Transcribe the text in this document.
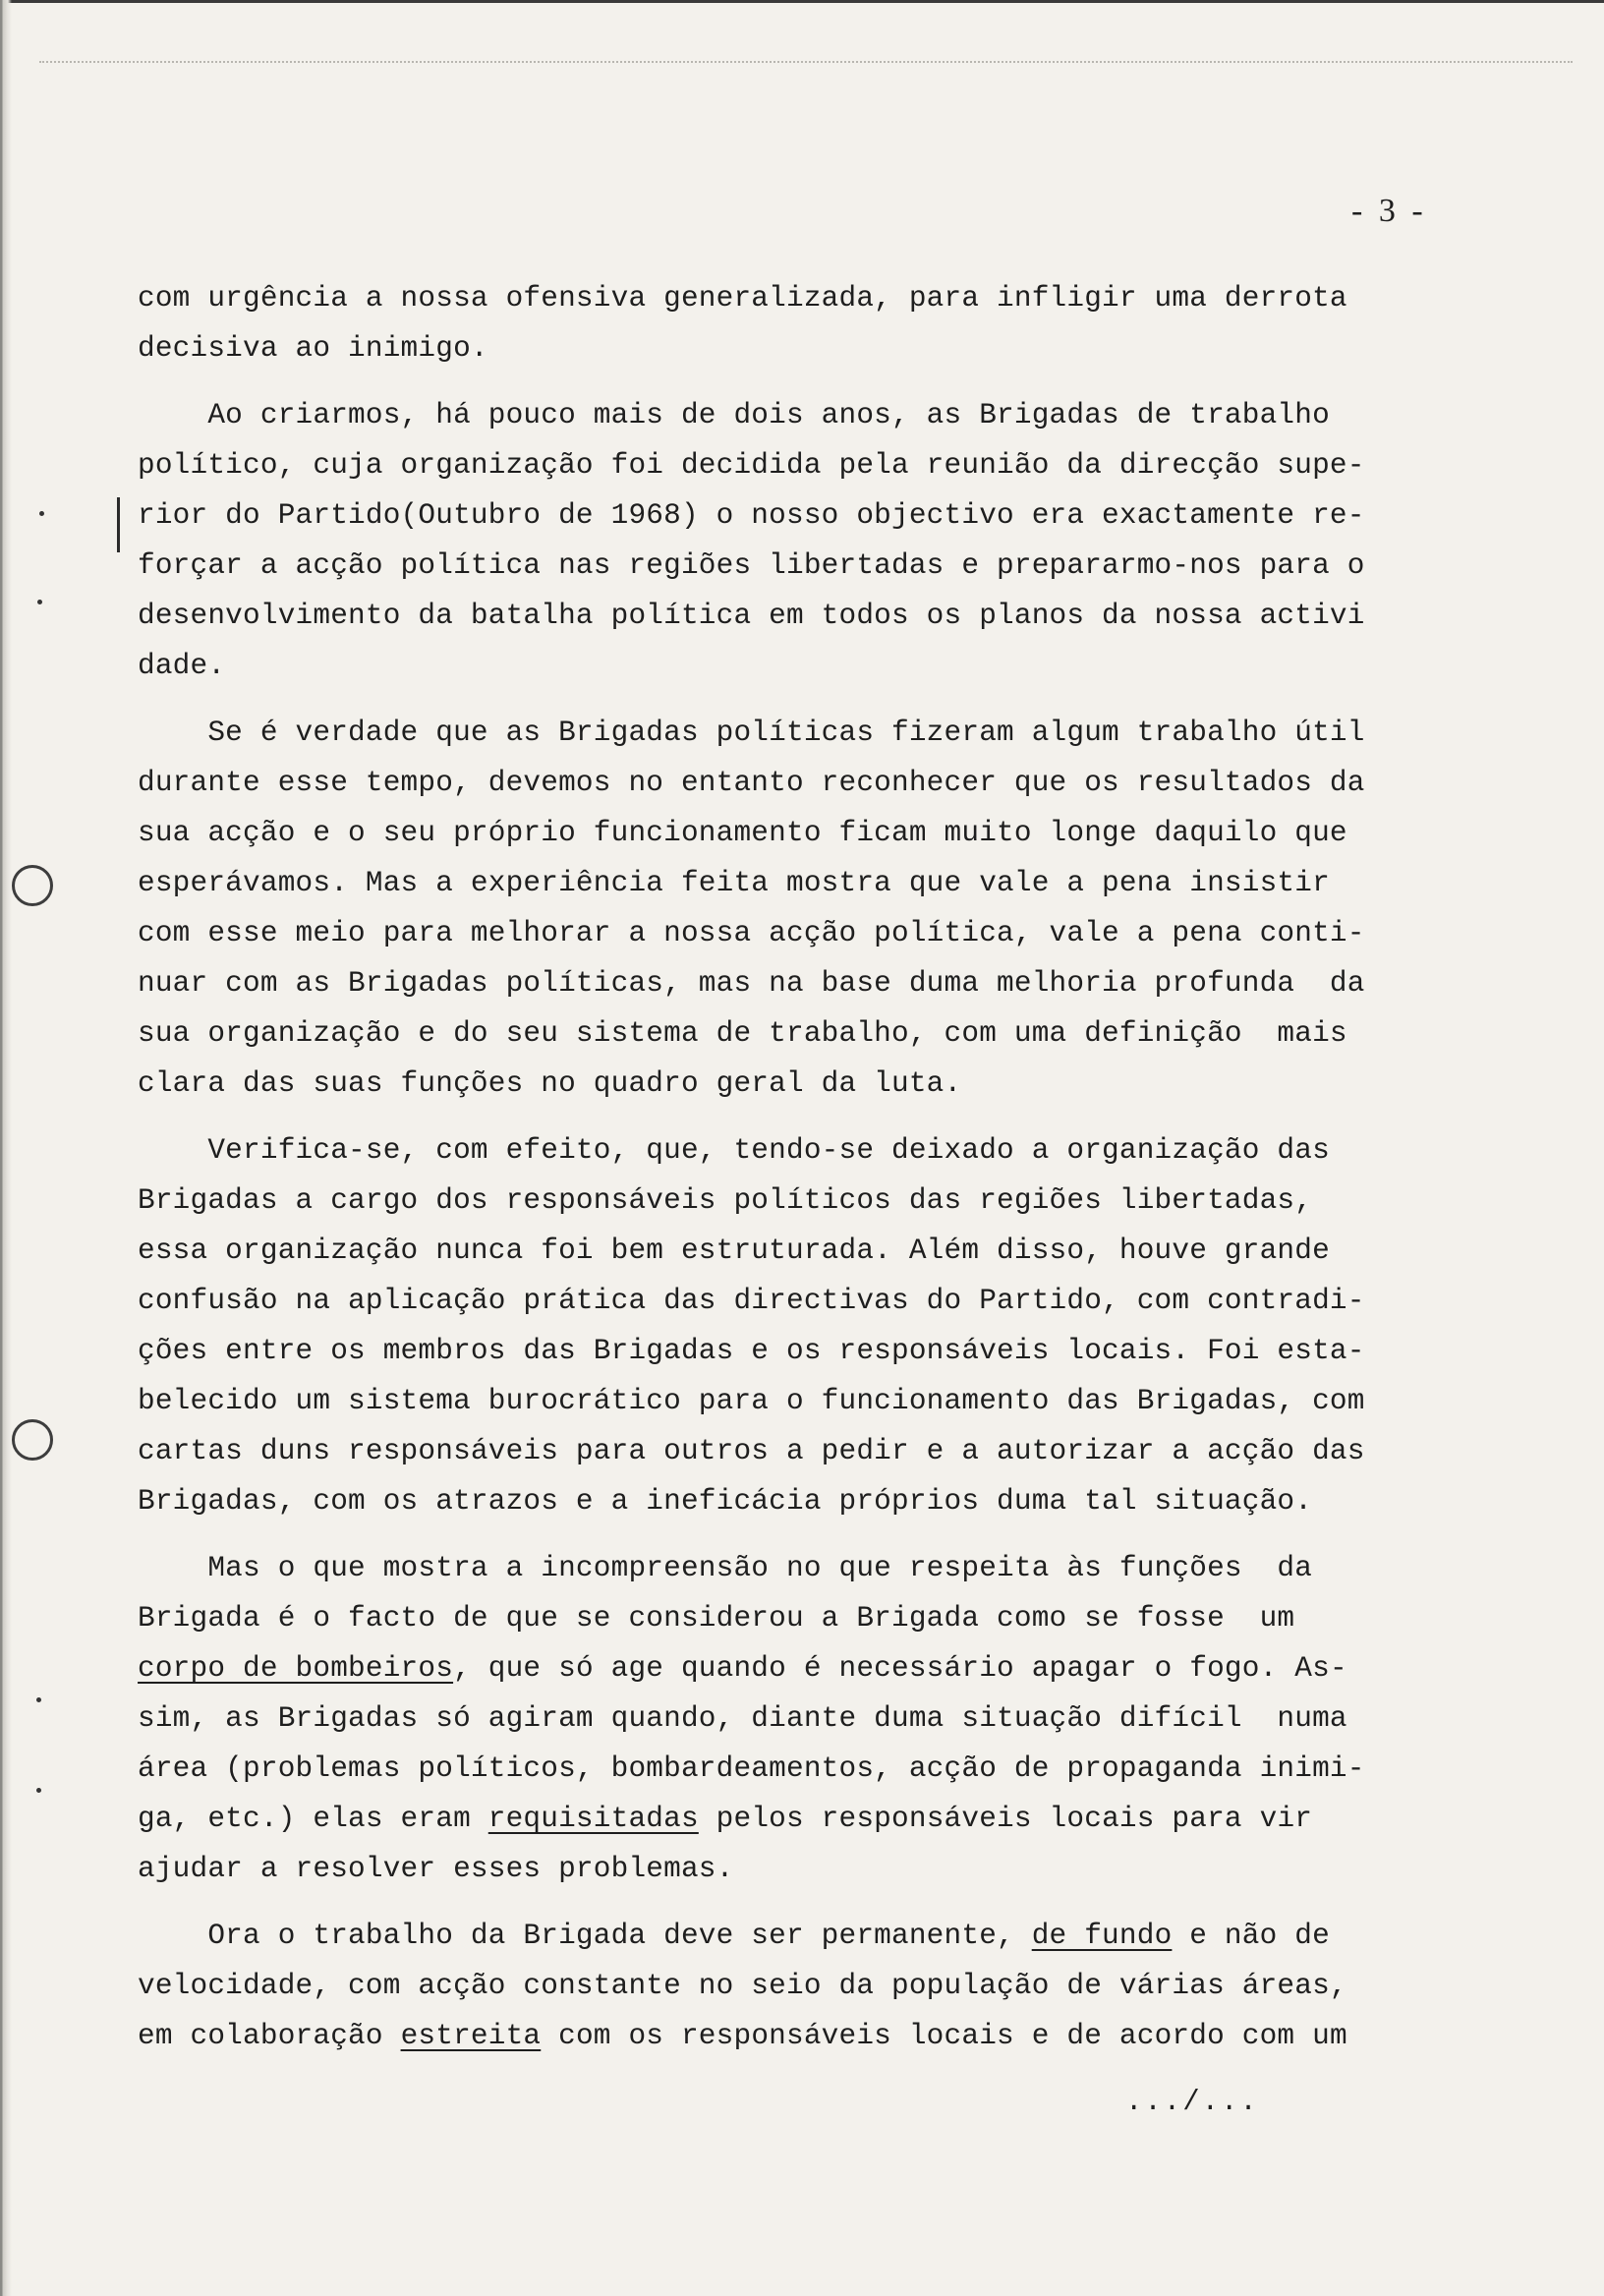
- 3 -
com urgência a nossa ofensiva generalizada, para infligir uma derrota
decisiva ao inimigo.
Ao criarmos, há pouco mais de dois anos, as Brigadas de trabalho
político, cuja organização foi decidida pela reunião da direcção supe-
rior do Partido(Outubro de 1968) o nosso objectivo era exactamente re-
forçar a acção política nas regiões libertadas e prepararmo-nos para o
desenvolvimento da batalha política em todos os planos da nossa activi
dade.
Se é verdade que as Brigadas políticas fizeram algum trabalho útil
durante esse tempo, devemos no entanto reconhecer que os resultados da
sua acção e o seu próprio funcionamento ficam muito longe daquilo que
esperávamos. Mas a experiência feita mostra que vale a pena insistir
com esse meio para melhorar a nossa acção política, vale a pena conti-
nuar com as Brigadas políticas, mas na base duma melhoria profunda  da
sua organização e do seu sistema de trabalho, com uma definição  mais
clara das suas funções no quadro geral da luta.
Verifica-se, com efeito, que, tendo-se deixado a organização das
Brigadas a cargo dos responsáveis políticos das regiões libertadas,
essa organização nunca foi bem estruturada. Além disso, houve grande
confusão na aplicação prática das directivas do Partido, com contradi-
ções entre os membros das Brigadas e os responsáveis locais. Foi esta-
belecido um sistema burocrático para o funcionamento das Brigadas, com
cartas duns responsáveis para outros a pedir e a autorizar a acção das
Brigadas, com os atrazos e a ineficácia próprios duma tal situação.
Mas o que mostra a incompreensão no que respeita às funções  da
Brigada é o facto de que se considerou a Brigada como se fosse  um
corpo de bombeiros, que só age quando é necessário apagar o fogo. As-
sim, as Brigadas só agiram quando, diante duma situação difícil  numa
área (problemas políticos, bombardeamentos, acção de propaganda inimi-
ga, etc.) elas eram requisitadas pelos responsáveis locais para vir
ajudar a resolver esses problemas.
Ora o trabalho da Brigada deve ser permanente, de fundo e não de
velocidade, com acção constante no seio da população de várias áreas,
em colaboração estreita com os responsáveis locais e de acordo com um
.../...
